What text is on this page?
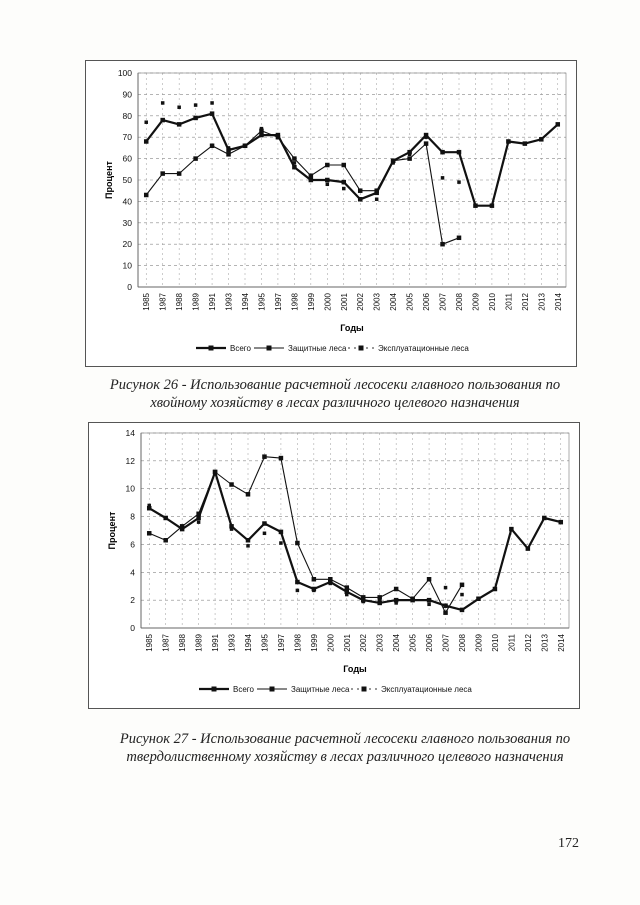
0
10
20
30
40
50
60
70
80
90
100
1985 1987 1988 1989 1991 1993 1994 1995 1997 1998 1999 2000 2001 2002 2003 2004 2005 2006 2007 2008 2009 2010 2011 2012 2013 2014
Процент
Годы
Всего	Защитные леса	Эксплуатационные леса
Рисунок 26 - Использование расчетной лесосеки главного пользования по хвойному хозяйству в лесах различного целевого назначения
0
2
4
6
8
10
12
14
1985 1987 1988 1989 1991 1993 1994 1995 1997 1998 1999 2000 2001 2002 2003 2004 2005 2006 2007 2008 2009 2010 2011 2012 2013 2014
Процент
Годы
Всего	Защитные леса	Эксплуатационные леса
Рисунок 27 - Использование расчетной лесосеки главного пользования по твердолиственному хозяйству в лесах различного целевого назначения
172
